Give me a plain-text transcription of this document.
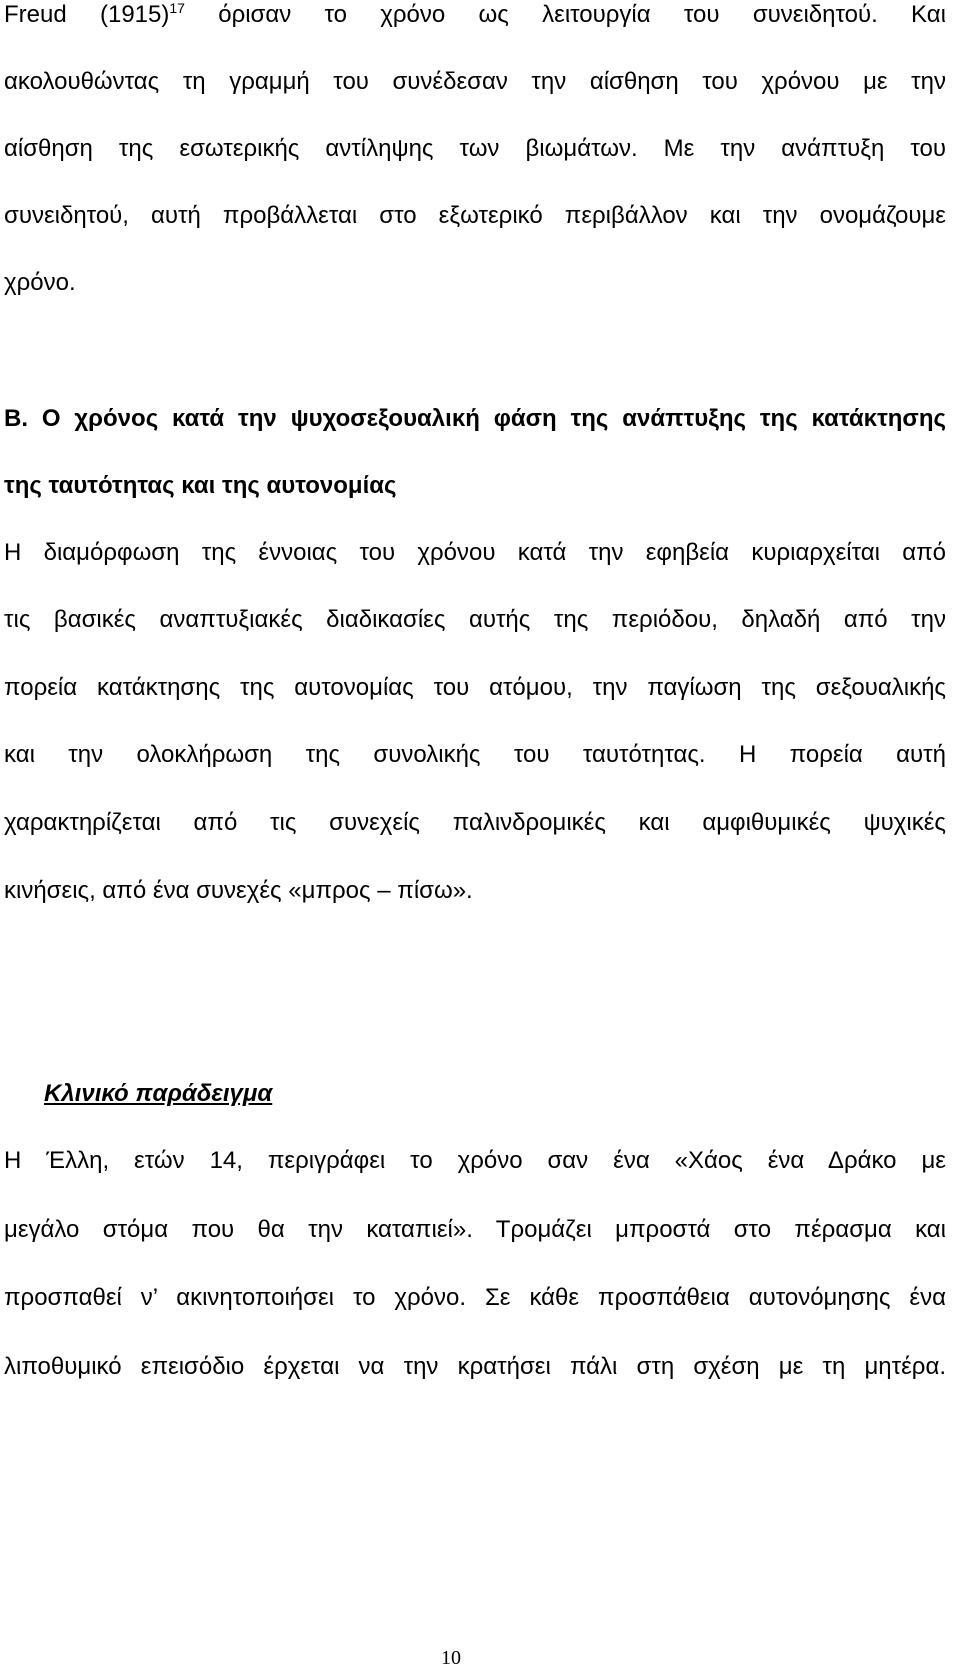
Freud $(1915)^{17}$ όρισαν το χρόνο ως λειτουργία του συνειδητού. Και
ακολουθώντας τη γραμμή του συνέδεσαν την αίσθηση του χρόνου με την
αίσθηση της εσωτερικής αντίληψης των βιωμάτων. Με την ανάπτυξη του
συνειδητού, αυτή προβάλλεται στο εξωτερικό περιβάλλον και την ονομάζουμε
χρόνο.
Β. Ο χρόνος κατά την ψυχοσεξουαλική φάση της ανάπτυξης της κατάκτησης
της ταυτότητας και της αυτονομίας
Η διαμόρφωση της έννοιας του χρόνου κατά την εφηβεία κυριαρχείται από
τις βασικές αναπτυξιακές διαδικασίες αυτής της περιόδου, δηλαδή από την
πορεία κατάκτησης της αυτονομίας του ατόμου, την παγίωση της σεξουαλικής
και την ολοκλήρωση της συνολικής του ταυτότητας. Η πορεία αυτή
χαρακτηρίζεται από τις συνεχείς παλινδρομικές και αμφιθυμικές ψυχικές
κινήσεις, από ένα συνεχές «μπρος – πίσω».
Κλινικό παράδειγμα
Η Έλλη, ετών 14, περιγράφει το χρόνο σαν ένα «Χάος ένα Δράκο με
μεγάλο στόμα που θα την καταπιεί». Τρομάζει μπροστά στο πέρασμα και
προσπαθεί ν’ ακινητοποιήσει το χρόνο. Σε κάθε προσπάθεια αυτονόμησης ένα
λιποθυμικό επεισόδιο έρχεται να την κρατήσει πάλι στη σχέση με τη μητέρα.
10
